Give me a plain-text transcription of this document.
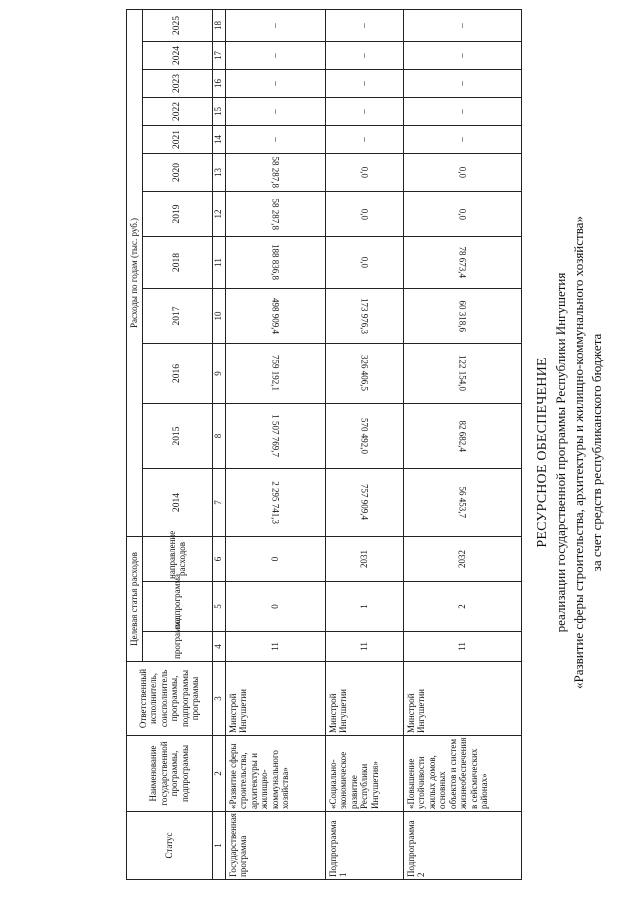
РЕСУРСНОЕ ОБЕСПЕЧЕНИЕ реализации государственной программы Республики Ингушетия «Развитие сферы строительства, архитектуры и жилищно-коммунального хозяйства» за счет средств республиканского бюджета
Статус	Наименование государственной программы, подпрограммы	Ответственный исполнитель, соисполнитель программы, подпрограммы программы	Целевая статья расходов			Расходы по годам (тыс. руб.)											
			программа	подпрограмма	направление расходов	2014	2015	2016	2017	2018	2019	2020	2021	2022	2023	2024	2025
1	2	3	4	5	6	7	8	9	10	11	12	13	14	15	16	17	18
Государственная программа	«Развитие сферы строительства, архитектуры и жилищно-коммунального хозяйства»	Минстрой Ингушетии	11	0	0	2 295 741,3	1 507 769,7	759 192,1	498 909,4	188 836,8	58 287,8	58 287,8	–	–	–	–	–
Подпрограмма 1	«Социально-экономическое развитие Республики Ингушетия»	Минстрой Ингушетии	11	1	2031	757 909,4	570 492,0	326 406,5	173 976,3	0,0	0,0	0,0	–	–	–	–	–
Подпрограмма 2	«Повышение устойчивости жилых домов, основных объектов и систем жизнеобеспечения в сейсмических районах»	Минстрой Ингушетии	11	2	2032	56 453,7	82 682,4	122 154,0	60 318,6	78 673,4	0,0	0,0	–	–	–	–	–
